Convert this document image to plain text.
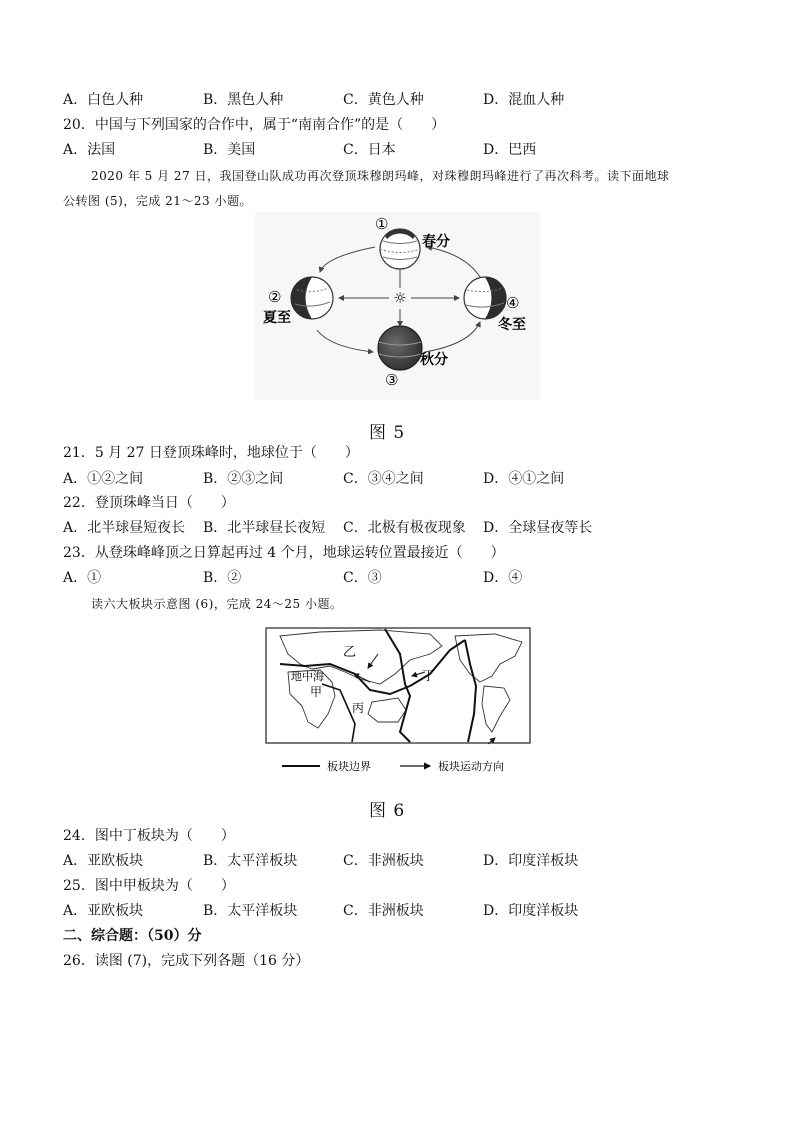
A．白色人种	B．黑色人种	C．黄色人种	D．混血人种
20．中国与下列国家的合作中，属于“南南合作”的是（　　）
A．法国	B．美国	C．日本	D．巴西
2020 年 5 月 27 日，我国登山队成功再次登顶珠穆朗玛峰，对珠穆朗玛峰进行了再次科考。读下面地球
公转图 (5)，完成 21～23 小题。
☼
①
春分
②
夏至
秋分
③
④
冬至
图 5
21．5 月 27 日登顶珠峰时，地球位于（　　）
A．①②之间	B．②③之间	C．③④之间	D．④①之间
22．登顶珠峰当日（　　）
A．北半球昼短夜长 B．北半球昼长夜短 C．北极有极夜现象 D．全球昼夜等长
23．从登珠峰峰顶之日算起再过 4 个月，地球运转位置最接近（　　）
A．①	B．②	C．③	D．④
读六大板块示意图 (6)，完成 24～25 小题。
乙
地中海
甲
丙
丁
板块边界	板块运动方向
图 6
24．图中丁板块为（　　）
A．亚欧板块	B．太平洋板块	C．非洲板块	D．印度洋板块
25．图中甲板块为（　　）
A．亚欧板块	B．太平洋板块	C．非洲板块	D．印度洋板块
二、综合题：（50）分
26．读图 (7)，完成下列各题（16 分）
